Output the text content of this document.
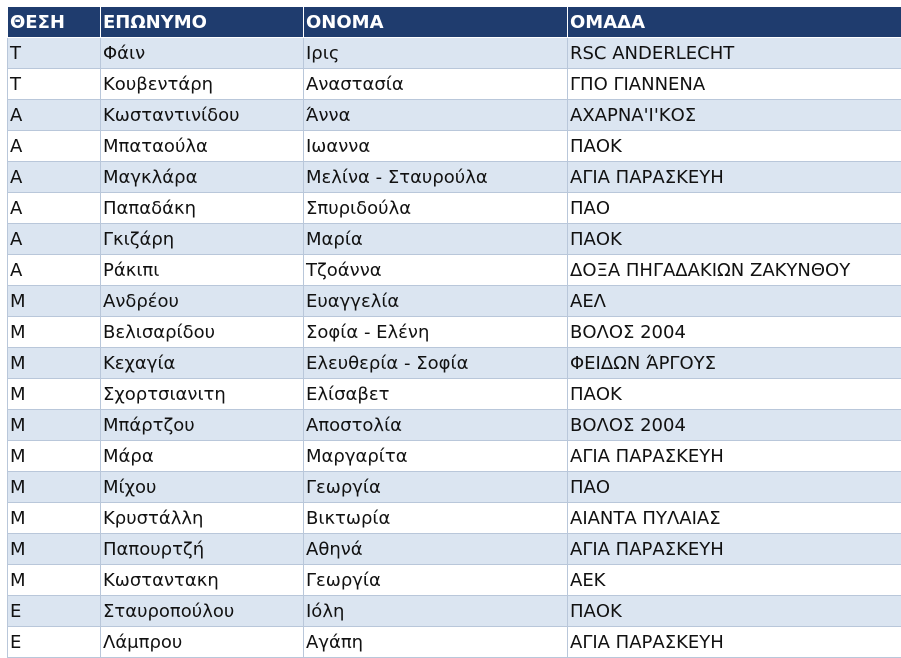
ΘΕΣΗ	ΕΠΩΝΥΜΟ	ΟΝΟΜΑ	ΟΜΑΔΑ
Τ	Φάιν	Ιρις	RSC ANDERLECHT
Τ	Κουβεντάρη	Αναστασία	ΓΠΟ ΓΙΑΝΝΕΝΑ
Α	Κωσταντινίδου	Άννα	ΑΧΑΡΝΑ'Ι'ΚΟΣ
Α	Μπαταούλα	Ιωαννα	ΠΑΟΚ
Α	Μαγκλάρα	Μελίνα - Σταυρούλα	ΑΓΙΑ ΠΑΡΑΣΚΕΥΗ
Α	Παπαδάκη	Σπυριδούλα	ΠΑΟ
Α	Γκιζάρη	Μαρία	ΠΑΟΚ
Α	Ράκιπι	Τζοάννα	ΔΟΞΑ ΠΗΓΑΔΑΚΙΩΝ ΖΑΚΥΝΘΟΥ
Μ	Ανδρέου	Ευαγγελία	ΑΕΛ
Μ	Βελισαρίδου	Σοφία - Ελένη	ΒΟΛΟΣ 2004
Μ	Κεχαγία	Ελευθερία - Σοφία	ΦΕΙΔΩΝ ΆΡΓΟΥΣ
Μ	Σχορτσιανιτη	Ελίσαβετ	ΠΑΟΚ
Μ	Μπάρτζου	Αποστολία	ΒΟΛΟΣ 2004
Μ	Μάρα	Μαργαρίτα	ΑΓΙΑ ΠΑΡΑΣΚΕΥΗ
Μ	Μίχου	Γεωργία	ΠΑΟ
Μ	Κρυστάλλη	Βικτωρία	ΑΙΑΝΤΑ ΠΥΛΑΙΑΣ
Μ	Παπουρτζή	Αθηνά	ΑΓΙΑ ΠΑΡΑΣΚΕΥΗ
Μ	Κωσταντακη	Γεωργία	ΑΕΚ
Ε	Σταυροπούλου	Ιόλη	ΠΑΟΚ
Ε	Λάμπρου	Αγάπη	ΑΓΙΑ ΠΑΡΑΣΚΕΥΗ
